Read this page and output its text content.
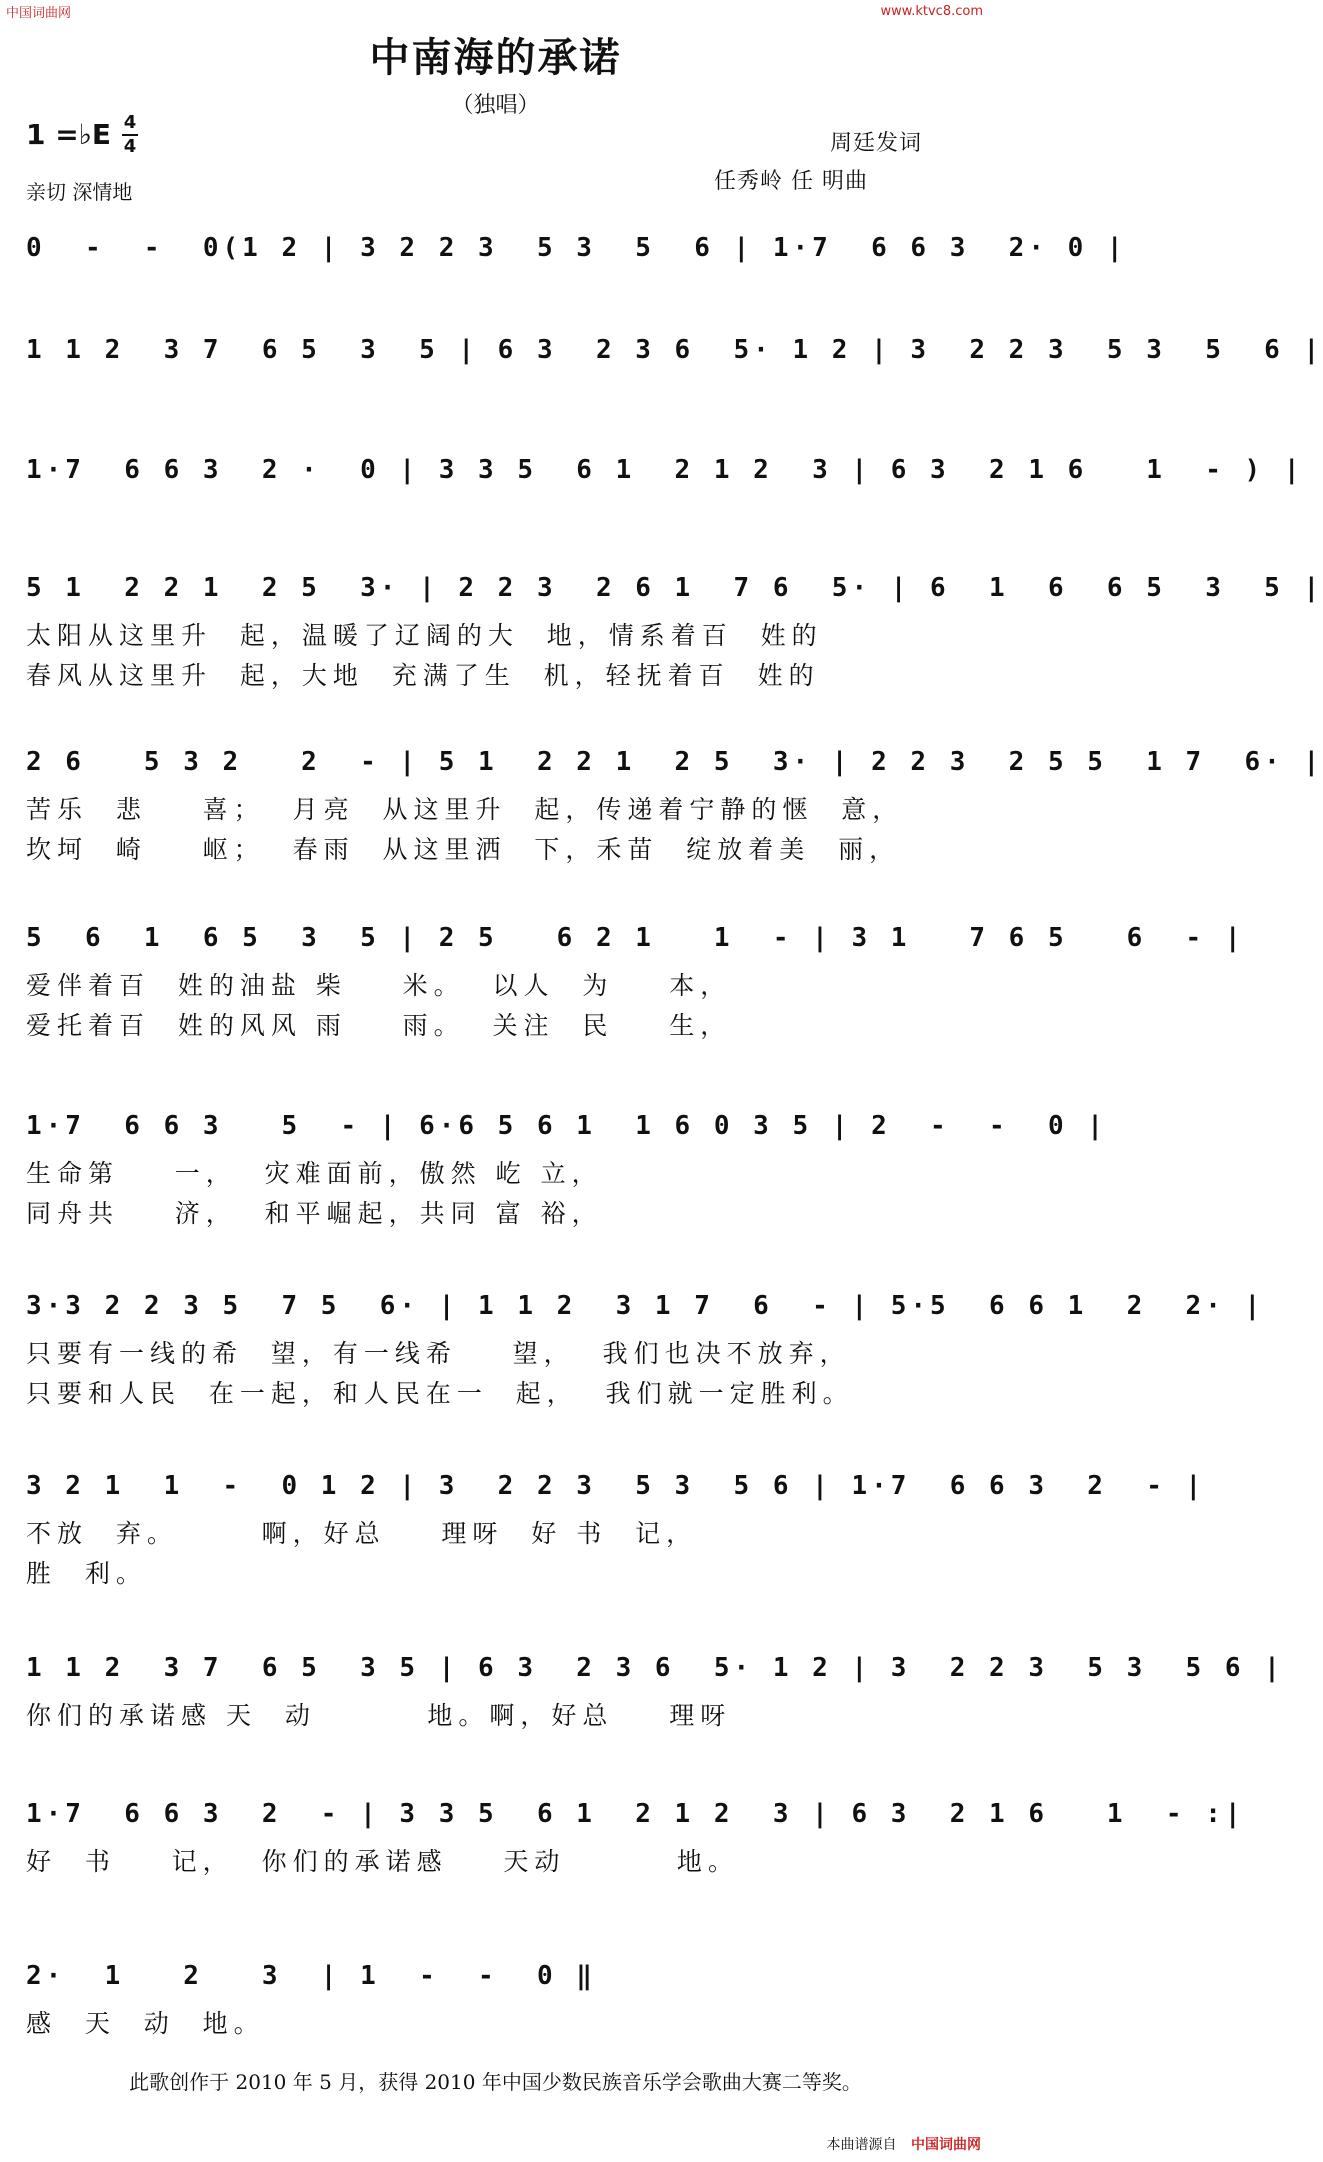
中国词曲网	www.ktvc8.com
中南海的承诺
（独唱）
1 =♭E 4
4
亲切 深情地
周廷发词
任秀岭 任 明曲
0  -  -  0(1 2 | 3 2 2 3  5 3  5  6 | 1·7  6 6 3  2· 0 |
1 1 2  3 7  6 5  3  5 | 6 3  2 3 6  5· 1 2 | 3  2 2 3  5 3  5  6 |
1·7  6 6 3  2 ·  0 | 3 3 5  6 1  2 1 2  3 | 6 3  2 1 6   1  - ) |
5 1  2 2 1  2 5  3· | 2 2 3  2 6 1  7 6  5· | 6  1  6  6 5  3  5 |
太阳从这里升  起，温暖了辽阔的大  地，情系着百  姓的
春风从这里升  起，大地  充满了生  机，轻抚着百  姓的
2 6   5 3 2   2  - | 5 1  2 2 1  2 5  3· | 2 2 3  2 5 5  1 7  6· |
苦乐  悲    喜；  月亮  从这里升  起，传递着宁静的惬  意，
坎坷  崎    岖；  春雨  从这里洒  下，禾苗  绽放着美  丽，
5  6  1  6 5  3  5 | 2 5   6 2 1   1  - | 3 1   7 6 5   6  - |
爱伴着百  姓的油盐 柴    米。  以人  为    本，
爱托着百  姓的风风 雨    雨。  关注  民    生，
1·7  6 6 3   5  - | 6·6 5 6 1  1 6 0 3 5 | 2  -  -  0 |
生命第    一，  灾难面前，傲然 屹 立，
同舟共    济，  和平崛起，共同 富 裕，
3·3 2 2 3 5  7 5  6· | 1 1 2  3 1 7  6  - | 5·5  6 6 1  2  2· |
只要有一线的希  望，有一线希    望，  我们也决不放弃，
只要和人民  在一起，和人民在一  起，  我们就一定胜利。
3 2 1  1  -  0 1 2 | 3  2 2 3  5 3  5 6 | 1·7  6 6 3  2  - |
不放  弃。      啊，好总    理呀  好 书  记，
胜  利。
1 1 2  3 7  6 5  3 5 | 6 3  2 3 6  5· 1 2 | 3  2 2 3  5 3  5 6 |
你们的承诺感 天  动        地。啊，好总    理呀
1·7  6 6 3  2  - | 3 3 5  6 1  2 1 2  3 | 6 3  2 1 6   1  - :|
好  书    记，  你们的承诺感    天动        地。
2·  1   2   3  | 1  -  -  0 ‖
感  天  动  地。
此歌创作于 2010 年 5 月，获得 2010 年中国少数民族音乐学会歌曲大赛二等奖。
本曲谱源自 中国词曲网
